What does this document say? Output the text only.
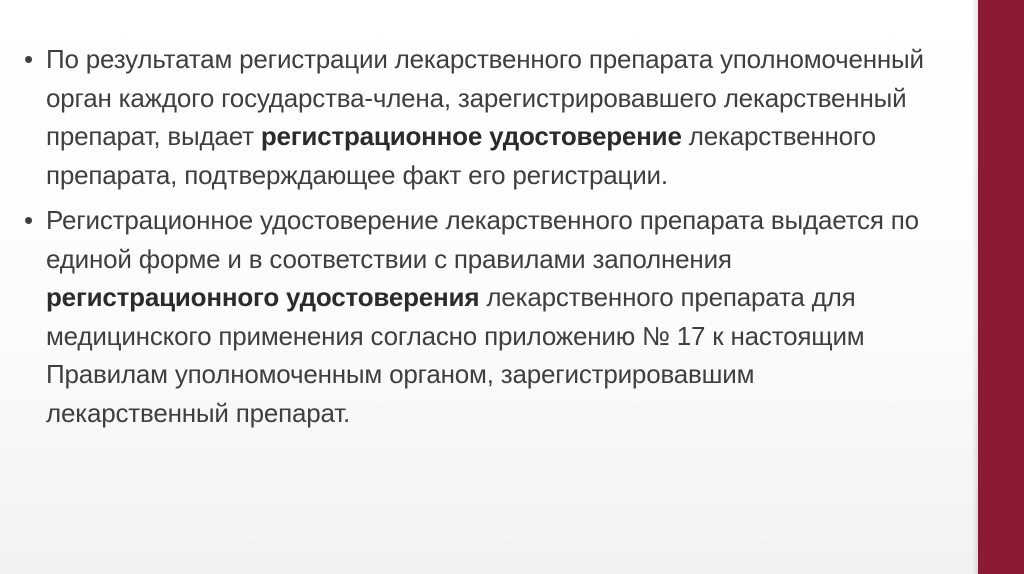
• По результатам регистрации лекарственного препарата уполномоченный орган каждого государства-члена, зарегистрировавшего лекарственный препарат, выдает регистрационное удостоверение лекарственного препарата, подтверждающее факт его регистрации.
• Регистрационное удостоверение лекарственного препарата выдается по единой форме и в соответствии с правилами заполнения регистрационного удостоверения лекарственного препарата для медицинского применения согласно приложению № 17 к настоящим Правилам уполномоченным органом, зарегистрировавшим лекарственный препарат.
